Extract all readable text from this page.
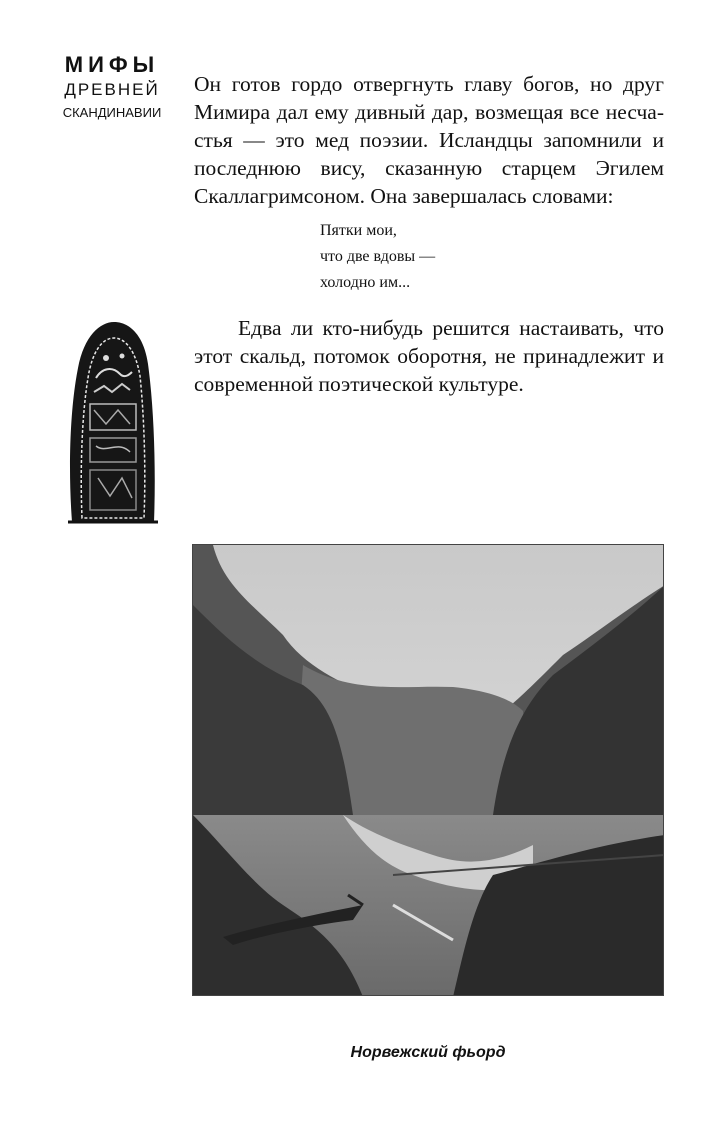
МИФЫ
ДРЕВНЕЙ
СКАНДИНАВИИ

Он готов гордо отвергнуть главу богов, но друг
Мимира дал ему дивный дар, возмещая все несча-
стья — это мед поэзии. Исландцы запомнили и
последнюю вису, сказанную старцем Эгилем
Скаллагримсоном. Она завершалась словами:

Пятки мои,
что две вдовы —
холодно им...

Едва ли кто-нибудь решится настаивать, что
этот скальд, потомок оборотня, не принадлежит и
современной поэтической культуре.

Норвежский фьорд
